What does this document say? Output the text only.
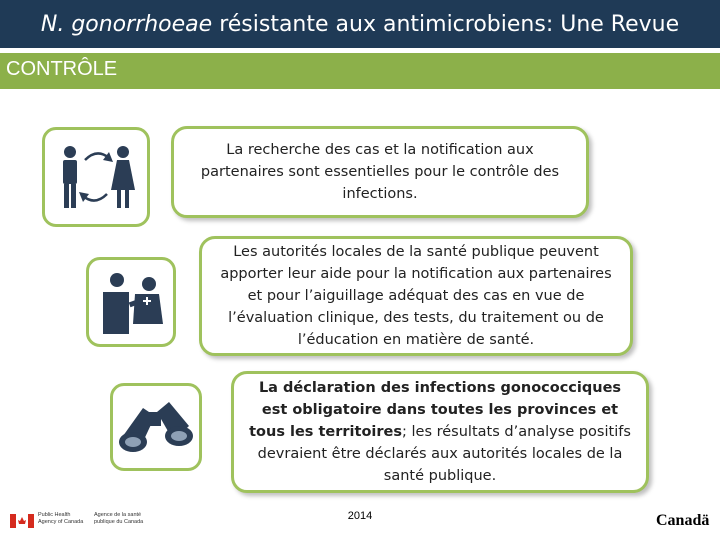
N. gonorrhoeae résistante aux antimicrobiens: Une Revue
CONTRÔLE
La recherche des cas et la notification aux partenaires sont essentielles pour le contrôle des infections.
Les autorités locales de la santé publique peuvent apporter leur aide pour la notification aux partenaires et pour l’aiguillage adéquat des cas en vue de l’évaluation clinique, des tests, du traitement ou de l’éducation en matière de santé.
La déclaration des infections gonococciques est obligatoire dans toutes les provinces et tous les territoires; les résultats d’analyse positifs devraient être déclarés aux autorités locales de la santé publique.
Public Health
Agency of Canada
Agence de la santé
publique du Canada	2014	Canadä
